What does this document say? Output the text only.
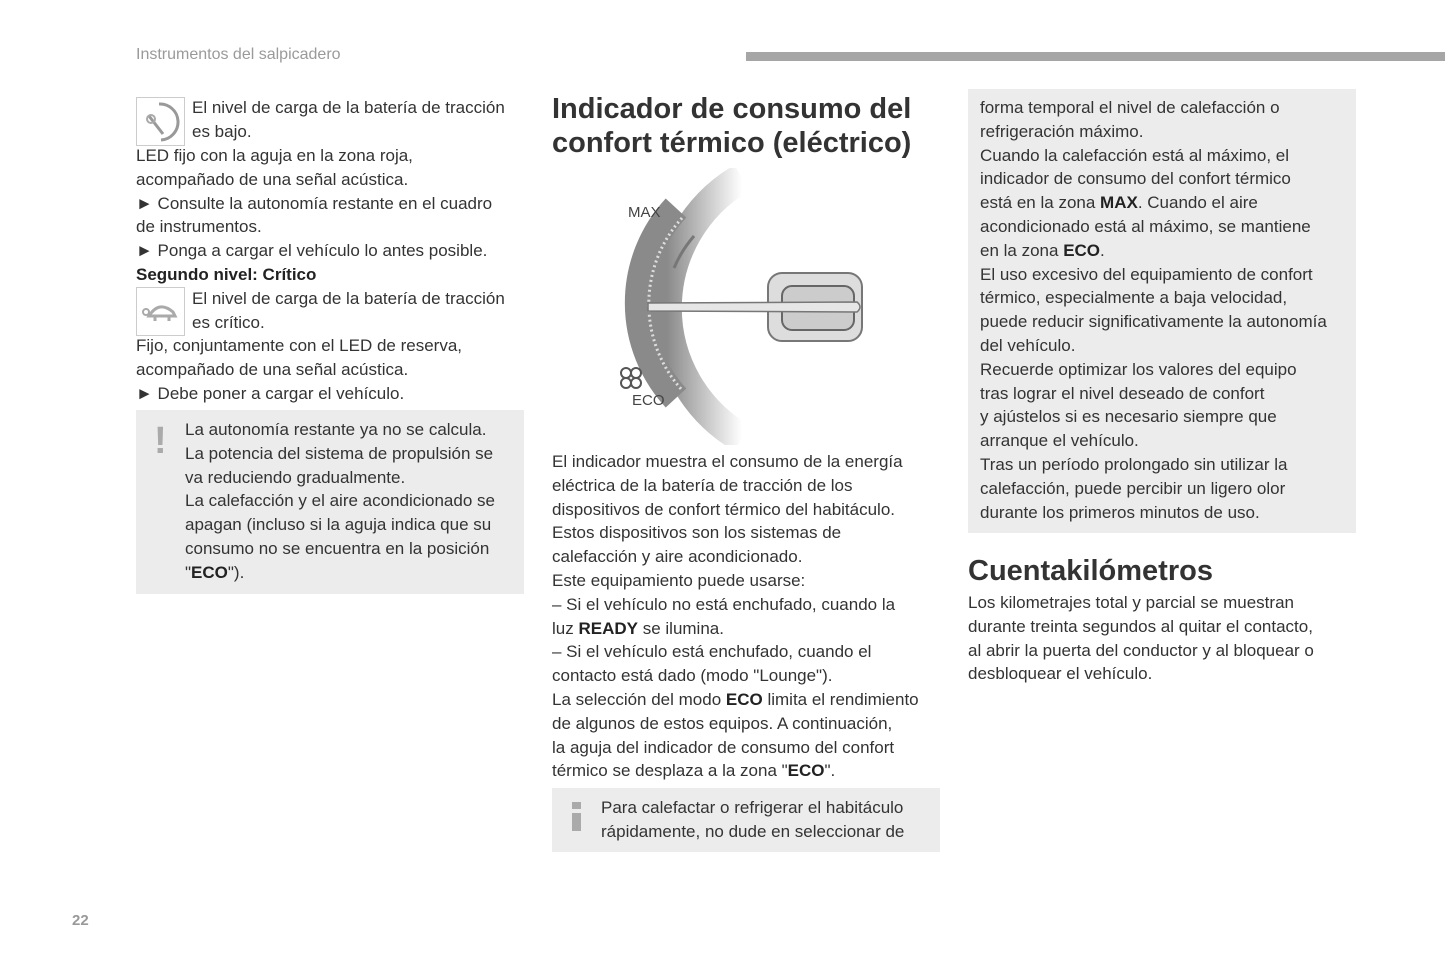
Instrumentos del salpicadero
22
El nivel de carga de la batería de tracción
es bajo.
LED fijo con la aguja en la zona roja,
acompañado de una señal acústica.
► Consulte la autonomía restante en el cuadro
de instrumentos.
► Ponga a cargar el vehículo lo antes posible.
Segundo nivel: Crítico
El nivel de carga de la batería de tracción
es crítico.
Fijo, conjuntamente con el LED de reserva,
acompañado de una señal acústica.
► Debe poner a cargar el vehículo.
!	La autonomía restante ya no se calcula.
La potencia del sistema de propulsión se
va reduciendo gradualmente.
La calefacción y el aire acondicionado se
apagan (incluso si la aguja indica que su
consumo no se encuentra en la posición
"ECO").
Indicador de consumo del
confort térmico (eléctrico)
MAX
ECO
El indicador muestra el consumo de la energía
eléctrica de la batería de tracción de los
dispositivos de confort térmico del habitáculo.
Estos dispositivos son los sistemas de
calefacción y aire acondicionado.
Este equipamiento puede usarse:
– Si el vehículo no está enchufado, cuando la
luz READY se ilumina.
– Si el vehículo está enchufado, cuando el
contacto está dado (modo "Lounge").
La selección del modo ECO limita el rendimiento
de algunos de estos equipos. A continuación,
la aguja del indicador de consumo del confort
térmico se desplaza a la zona "ECO".
Para calefactar o refrigerar el habitáculo
rápidamente, no dude en seleccionar de
forma temporal el nivel de calefacción o
refrigeración máximo.
Cuando la calefacción está al máximo, el
indicador de consumo del confort térmico
está en la zona MAX. Cuando el aire
acondicionado está al máximo, se mantiene
en la zona ECO.
El uso excesivo del equipamiento de confort
térmico, especialmente a baja velocidad,
puede reducir significativamente la autonomía
del vehículo.
Recuerde optimizar los valores del equipo
tras lograr el nivel deseado de confort
y ajústelos si es necesario siempre que
arranque el vehículo.
Tras un período prolongado sin utilizar la
calefacción, puede percibir un ligero olor
durante los primeros minutos de uso.
Cuentakilómetros
Los kilometrajes total y parcial se muestran
durante treinta segundos al quitar el contacto,
al abrir la puerta del conductor y al bloquear o
desbloquear el vehículo.
